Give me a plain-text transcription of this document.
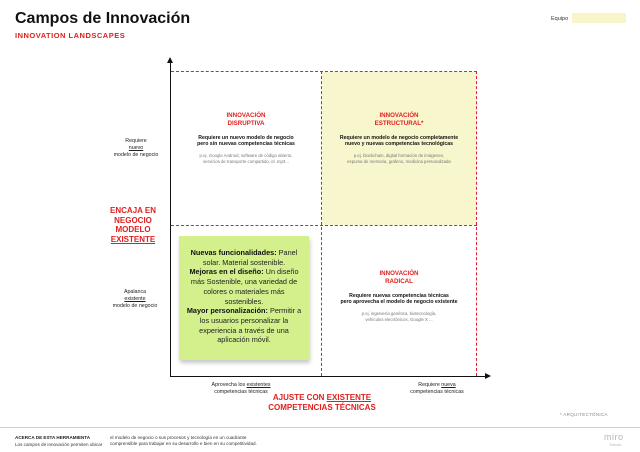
Campos de Innovación
INNOVATION LANDSCAPES
Equipo
INNOVACIÓN
DISRUPTIVA
Requiere un nuevo modelo de negocio
pero sin nuevas competencias técnicas
p.ej. Google Android, software de código abierto,
servicios de transporte compartido, el .mp3...
INNOVACIÓN
ESTRUCTURAL*
Requiere un modelo de negocio completamente
nuevo y nuevas competencias tecnológicas
p.ej. blockchain, digital formación de imágenes,
espuma de memoria, grafeno, medicina personalizada
INNOVACIÓN
RADICAL
Requiere nuevas competencias técnicas
pero aprovecha el modelo de negocio existente
p.ej. ingeniería genética, biotecnología,
vehículos electrónicos, Google X ...
Requiere
nuevo
modelo de negocio
ENCAJA EN
NEGOCIO
MODELO
EXISTENTE
Apalanca
existente
modelo de negocio
Aprovecha los existentes
competencias técnicas
Requiere nueva
competencias técnicas
AJUSTE CON EXISTENTE
COMPETENCIAS TÉCNICAS
Nuevas funcionalidades: Panel solar. Material sostenible.
Mejoras en el diseño: Un diseño más Sostenible, una variedad de colores o materiales más sostenibles.
Mayor personalización: Permitir a los usuarios personalizar la experiencia a través de una aplicación móvil.
* ARQUITECTÓNICA
ACERCA DE ESTA HERRAMIENTA
Los campos de innovación permiten ubicar
el modelo de negocio o sus procesos y tecnología en un cuadrante
comprensible para trabajar en su desarrollo e bien en su competitividad.
miro
Edición
